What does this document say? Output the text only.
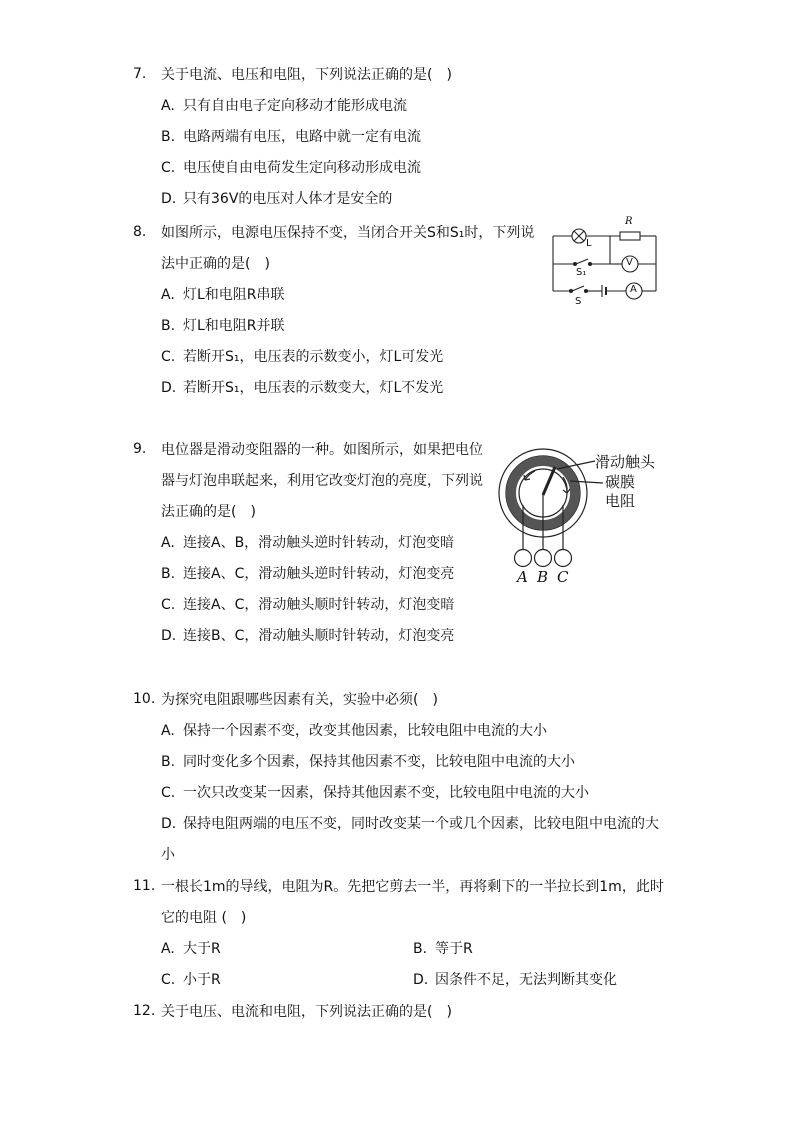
7.	关于电流、电压和电阻，下列说法正确的是(　)
A. 只有自由电子定向移动才能形成电流
B. 电路两端有电压，电路中就一定有电流
C. 电压使自由电荷发生定向移动形成电流
D. 只有36V的电压对人体才是安全的
8.	如图所示，电源电压保持不变，当闭合开关S和S₁时，下列说
法中正确的是(　)
A. 灯L和电阻R串联
B. 灯L和电阻R并联
C. 若断开S₁，电压表的示数变小，灯L可发光
D. 若断开S₁，电压表的示数变大，灯L不发光
L
R
S₁
S
V
A
9.	电位器是滑动变阻器的一种。如图所示，如果把电位
器与灯泡串联起来，利用它改变灯泡的亮度，下列说
法正确的是(　)
A. 连接A、B，滑动触头逆时针转动，灯泡变暗
B. 连接A、C，滑动触头逆时针转动，灯泡变亮
C. 连接A、C，滑动触头顺时针转动，灯泡变暗
D. 连接B、C，滑动触头顺时针转动，灯泡变亮
滑动触头
碳膜
电阻
A B C
10. 为探究电阻跟哪些因素有关，实验中必须(　)
A. 保持一个因素不变，改变其他因素，比较电阻中电流的大小
B. 同时变化多个因素，保持其他因素不变，比较电阻中电流的大小
C. 一次只改变某一因素，保持其他因素不变，比较电阻中电流的大小
D. 保持电阻两端的电压不变，同时改变某一个或几个因素，比较电阻中电流的大
小
11. 一根长1m的导线，电阻为R。先把它剪去一半，再将剩下的一半拉长到1m，此时
它的电阻 (　)
A. 大于R	B. 等于R
C. 小于R	D. 因条件不足，无法判断其变化
12. 关于电压、电流和电阻，下列说法正确的是(　)
